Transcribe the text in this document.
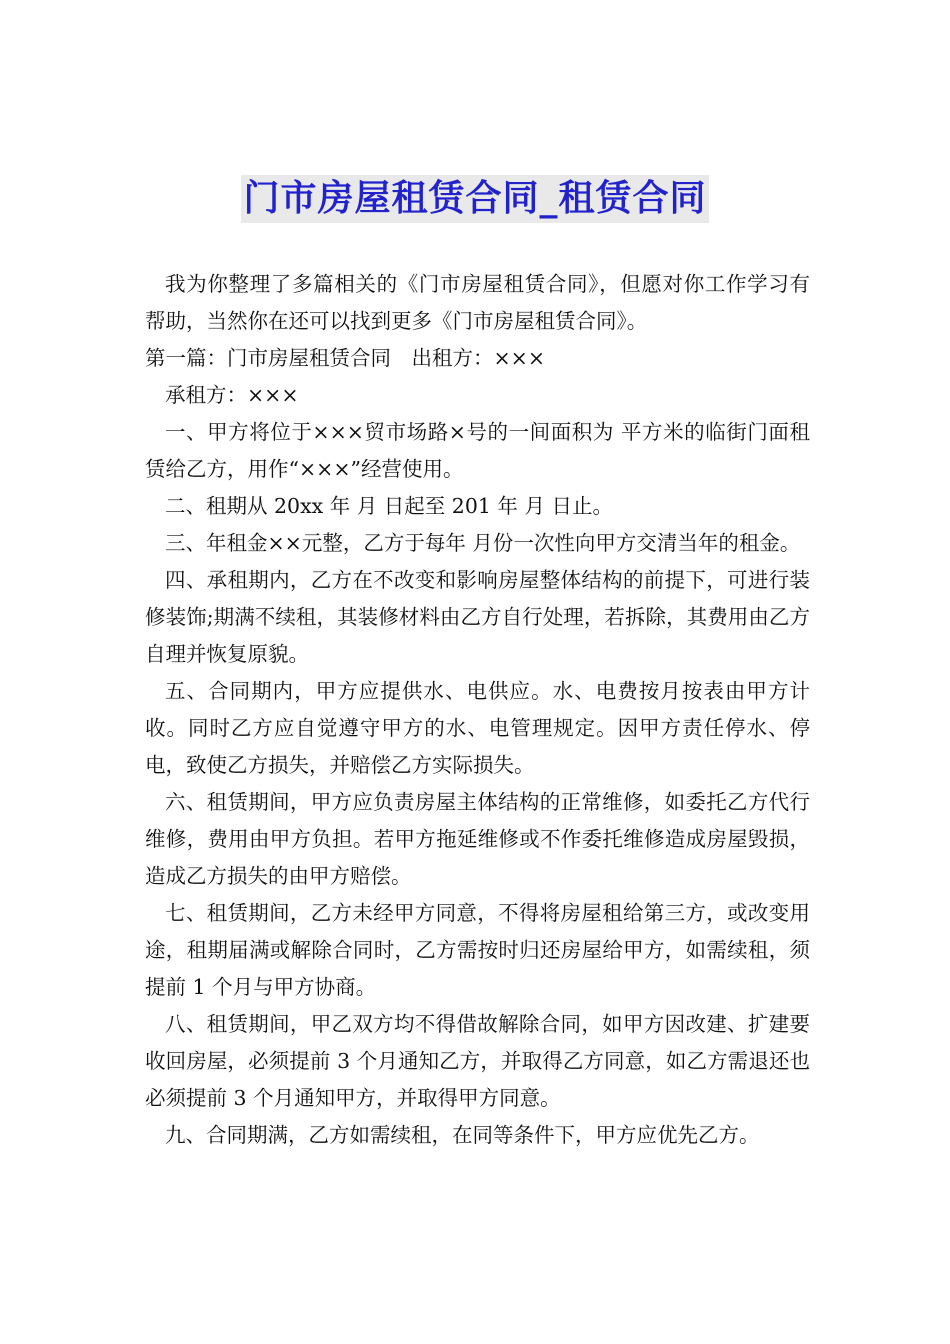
门市房屋租赁合同_租赁合同

我为你整理了多篇相关的《门市房屋租赁合同》，但愿对你工作学习有帮助，当然你在还可以找到更多《门市房屋租赁合同》。

第一篇：门市房屋租赁合同　出租方：×××

承租方：×××

一、甲方将位于×××贸市场路×号的一间面积为 平方米的临街门面租赁给乙方，用作“×××”经营使用。

二、租期从 20xx 年 月 日起至 201 年 月 日止。

三、年租金××元整，乙方于每年 月份一次性向甲方交清当年的租金。

四、承租期内，乙方在不改变和影响房屋整体结构的前提下，可进行装修装饰;期满不续租，其装修材料由乙方自行处理，若拆除，其费用由乙方自理并恢复原貌。

五、合同期内，甲方应提供水、电供应。水、电费按月按表由甲方计收。同时乙方应自觉遵守甲方的水、电管理规定。因甲方责任停水、停电，致使乙方损失，并赔偿乙方实际损失。

六、租赁期间，甲方应负责房屋主体结构的正常维修，如委托乙方代行维修，费用由甲方负担。若甲方拖延维修或不作委托维修造成房屋毁损，造成乙方损失的由甲方赔偿。

七、租赁期间，乙方未经甲方同意，不得将房屋租给第三方，或改变用途，租期届满或解除合同时，乙方需按时归还房屋给甲方，如需续租，须提前 1 个月与甲方协商。

八、租赁期间，甲乙双方均不得借故解除合同，如甲方因改建、扩建要收回房屋，必须提前 3 个月通知乙方，并取得乙方同意，如乙方需退还也必须提前 3 个月通知甲方，并取得甲方同意。

九、合同期满，乙方如需续租，在同等条件下，甲方应优先乙方。
